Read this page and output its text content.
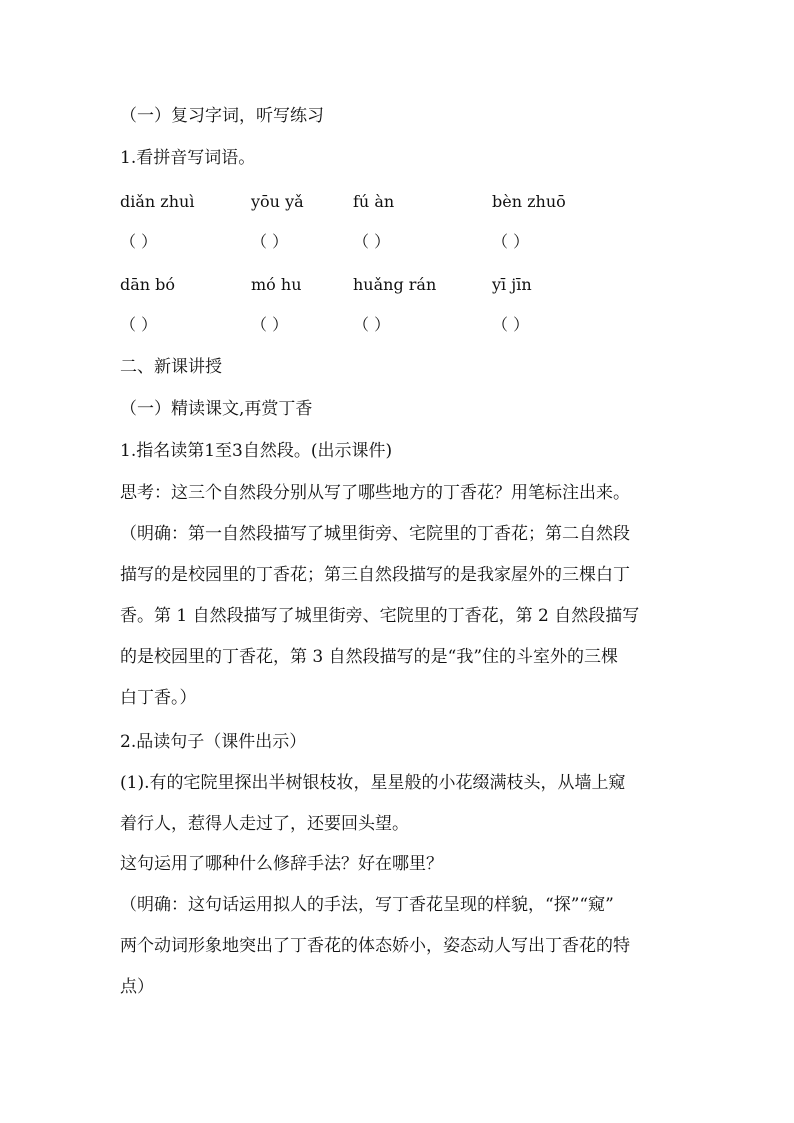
（一）复习字词，听写练习
1.看拼音写词语。
diǎn zhuì	yōu yǎ	fú àn	bèn zhuō
（ ）	（ ）	（ ）	（ ）
dān bó	mó hu	huǎng rán	yī jīn
（ ）	（ ）	（ ）	（ ）
二、新课讲授
（一）精读课文,再赏丁香
1.指名读第1至3自然段。(出示课件)
思考：这三个自然段分别从写了哪些地方的丁香花？用笔标注出来。
（明确：第一自然段描写了城里街旁、宅院里的丁香花；第二自然段
描写的是校园里的丁香花；第三自然段描写的是我家屋外的三棵白丁
香。第 1 自然段描写了城里街旁、宅院里的丁香花，第 2 自然段描写
的是校园里的丁香花，第 3 自然段描写的是“我”住的斗室外的三棵
白丁香。）
2.品读句子（课件出示）
(1).有的宅院里探出半树银枝妆，星星般的小花缀满枝头，从墙上窥
着行人，惹得人走过了，还要回头望。
这句运用了哪种什么修辞手法？好在哪里？
（明确：这句话运用拟人的手法，写丁香花呈现的样貌，“探”“窥”
两个动词形象地突出了丁香花的体态娇小，姿态动人写出丁香花的特
点）
